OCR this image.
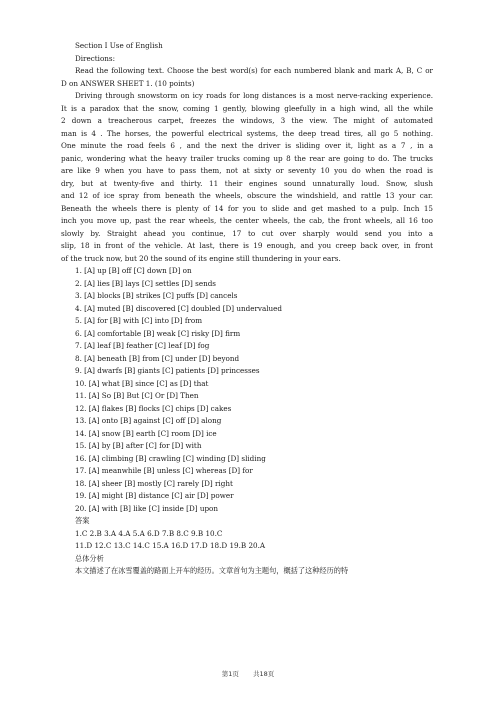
Section Ⅰ Use of English
Directions:
Read the following text. Choose the best word(s) for each numbered blank and mark A, B, C or
D on ANSWER SHEET 1. (10 points)
Driving through snowstorm on icy roads for long distances is a most nerve-racking experience.
It is a paradox that the snow, coming 1 gently, blowing gleefully in a high wind, all the while
2 down a treacherous carpet, freezes the windows, 3 the view. The might of automated
man is 4 . The horses, the powerful electrical systems, the deep tread tires, all go 5 nothing.
One minute the road feels 6 , and the next the driver is sliding over it, light as a 7 , in a
panic, wondering what the heavy trailer trucks coming up 8 the rear are going to do. The trucks
are like 9 when you have to pass them, not at sixty or seventy 10 you do when the road is
dry, but at twenty-five and thirty. 11 their engines sound unnaturally loud. Snow, slush
and 12 of ice spray from beneath the wheels, obscure the windshield, and rattle 13 your car.
Beneath the wheels there is plenty of 14 for you to slide and get mashed to a pulp. Inch 15
inch you move up, past the rear wheels, the center wheels, the cab, the front wheels, all 16 too
slowly by. Straight ahead you continue, 17 to cut over sharply would send you into a
slip, 18 in front of the vehicle. At last, there is 19 enough, and you creep back over, in front
of the truck now, but 20 the sound of its engine still thundering in your ears.
1. [A] up [B] off [C] down [D] on
2. [A] lies [B] lays [C] settles [D] sends
3. [A] blocks [B] strikes [C] puffs [D] cancels
4. [A] muted [B] discovered [C] doubled [D] undervalued
5. [A] for [B] with [C] into [D] from
6. [A] comfortable [B] weak [C] risky [D] firm
7. [A] leaf [B] feather [C] leaf [D] fog
8. [A] beneath [B] from [C] under [D] beyond
9. [A] dwarfs [B] giants [C] patients [D] princesses
10. [A] what [B] since [C] as [D] that
11. [A] So [B] But [C] Or [D] Then
12. [A] flakes [B] flocks [C] chips [D] cakes
13. [A] onto [B] against [C] off [D] along
14. [A] snow [B] earth [C] room [D] ice
15. [A] by [B] after [C] for [D] with
16. [A] climbing [B] crawling [C] winding [D] sliding
17. [A] meanwhile [B] unless [C] whereas [D] for
18. [A] sheer [B] mostly [C] rarely [D] right
19. [A] might [B] distance [C] air [D] power
20. [A] with [B] like [C] inside [D] upon
答案
1.C 2.B 3.A 4.A 5.A 6.D 7.B 8.C 9.B 10.C
11.D 12.C 13.C 14.C 15.A 16.D 17.D 18.D 19.B 20.A
总体分析
本文描述了在冰雪覆盖的路面上开车的经历。文章首句为主题句，概括了这种经历的特
第1页 共18页
